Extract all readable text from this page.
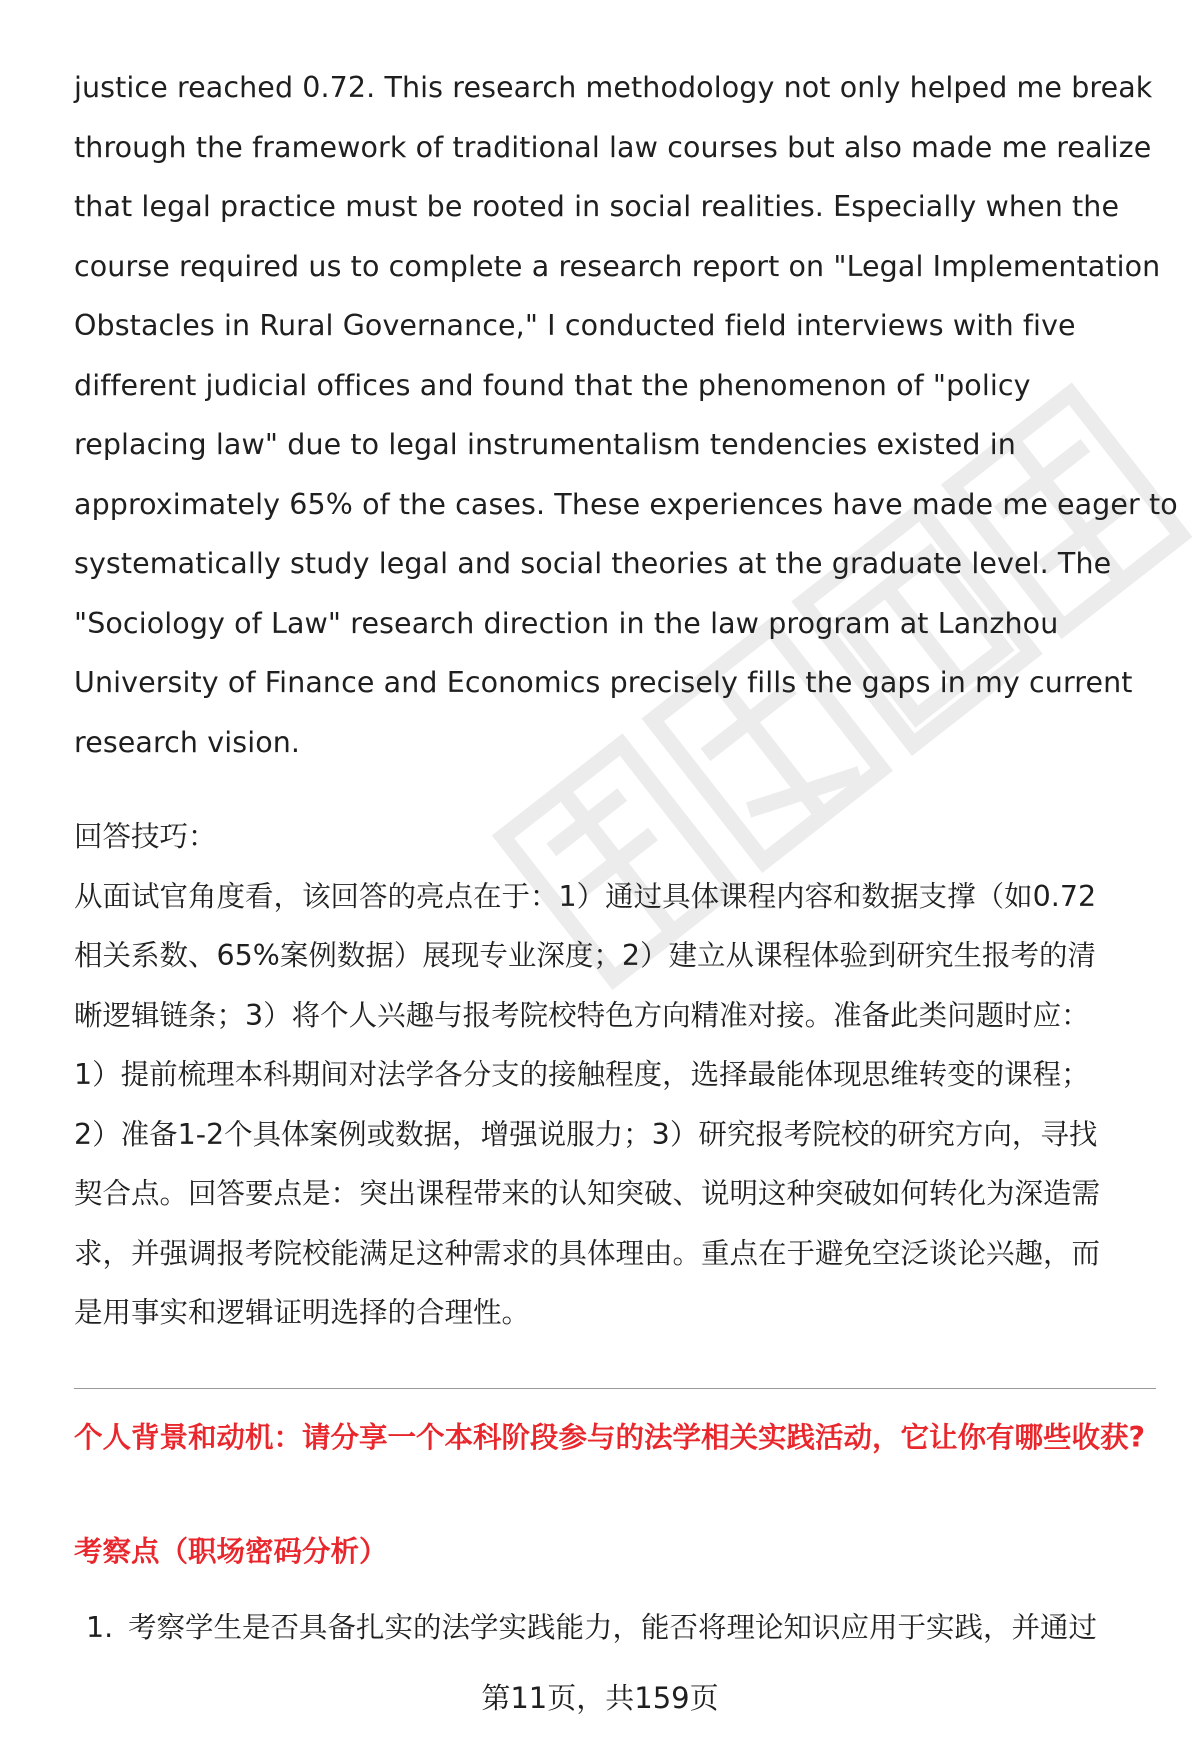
justice reached 0.72. This research methodology not only helped me break
through the framework of traditional law courses but also made me realize
that legal practice must be rooted in social realities. Especially when the
course required us to complete a research report on "Legal Implementation
Obstacles in Rural Governance," I conducted field interviews with five
different judicial offices and found that the phenomenon of "policy
replacing law" due to legal instrumentalism tendencies existed in
approximately 65% of the cases. These experiences have made me eager to
systematically study legal and social theories at the graduate level. The
"Sociology of Law" research direction in the law program at Lanzhou
University of Finance and Economics precisely fills the gaps in my current
research vision.

回答技巧：

从面试官角度看，该回答的亮点在于：1）通过具体课程内容和数据支撑（如0.72
相关系数、65%案例数据）展现专业深度；2）建立从课程体验到研究生报考的清
晰逻辑链条；3）将个人兴趣与报考院校特色方向精准对接。准备此类问题时应：
1）提前梳理本科期间对法学各分支的接触程度，选择最能体现思维转变的课程；
2）准备1-2个具体案例或数据，增强说服力；3）研究报考院校的研究方向，寻找
契合点。回答要点是：突出课程带来的认知突破、说明这种突破如何转化为深造需
求，并强调报考院校能满足这种需求的具体理由。重点在于避免空泛谈论兴趣，而
是用事实和逻辑证明选择的合理性。

个人背景和动机：请分享一个本科阶段参与的法学相关实践活动，它让你有哪些收获?
考察点（职场密码分析）
1. 考察学生是否具备扎实的法学实践能力，能否将理论知识应用于实践，并通过
第11页，共159页
